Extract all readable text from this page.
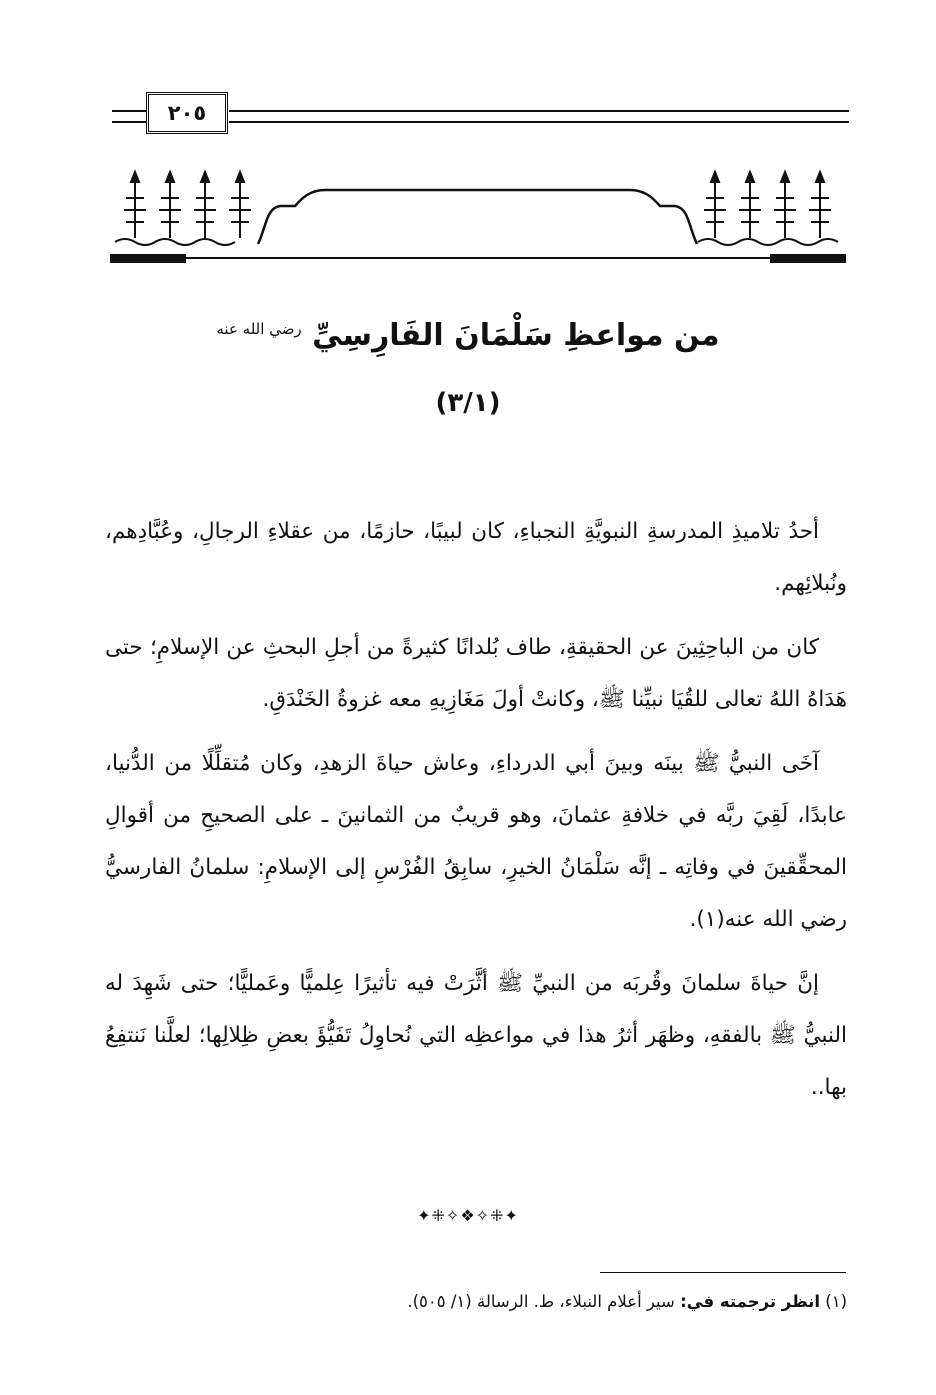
٢٠٥
من مواعظِ سَلْمَانَ الفَارِسِيِّ $^{رضي الله عنه}$
(٣/١)

أحدُ تلاميذِ المدرسةِ النبويَّةِ النجباءِ، كان لبيبًا، حازمًا، من عقلاءِ الرجالِ، وعُبَّادِهم، ونُبلائِهم.

كان من الباحِثِينَ عن الحقيقةِ، طاف بُلدانًا كثيرةً من أجلِ البحثِ عن الإسلامِ؛ حتى هَدَاهُ اللهُ تعالى للقُيَا نبيِّنا ﷺ، وكانتْ أولَ مَغَازِيهِ معه غزوةُ الخَنْدَقِ.

آخَى النبيُّ ﷺ بينَه وبينَ أبي الدرداءِ، وعاش حياةَ الزهدِ، وكان مُتقلِّلًا من الدُّنيا، عابدًا، لَقِيَ ربَّه في خلافةِ عثمانَ، وهو قريبٌ من الثمانينَ ـ على الصحيحِ من أقوالِ المحقِّقينَ في وفاتِه ـ إنَّه سَلْمَانُ الخيرِ، سابِقُ الفُرْسِ إلى الإسلامِ: سلمانُ الفارسيُّ رضي الله عنه(١).

إنَّ حياةَ سلمانَ وقُربَه من النبيِّ ﷺ أثَّرَتْ فيه تأثيرًا عِلميًّا وعَمليًّا؛ حتى شَهِدَ له النبيُّ ﷺ بالفقهِ، وظهَر أثرُ هذا في مواعظِه التي نُحاوِلُ تَفَيُّؤَ بعضِ ظِلالِها؛ لعلَّنا نَنتفِعُ بها..

✦⁜✧❖✧⁜✦
(١) انظر ترجمته في: سير أعلام النبلاء، ط. الرسالة (١/ ٥٠٥).
